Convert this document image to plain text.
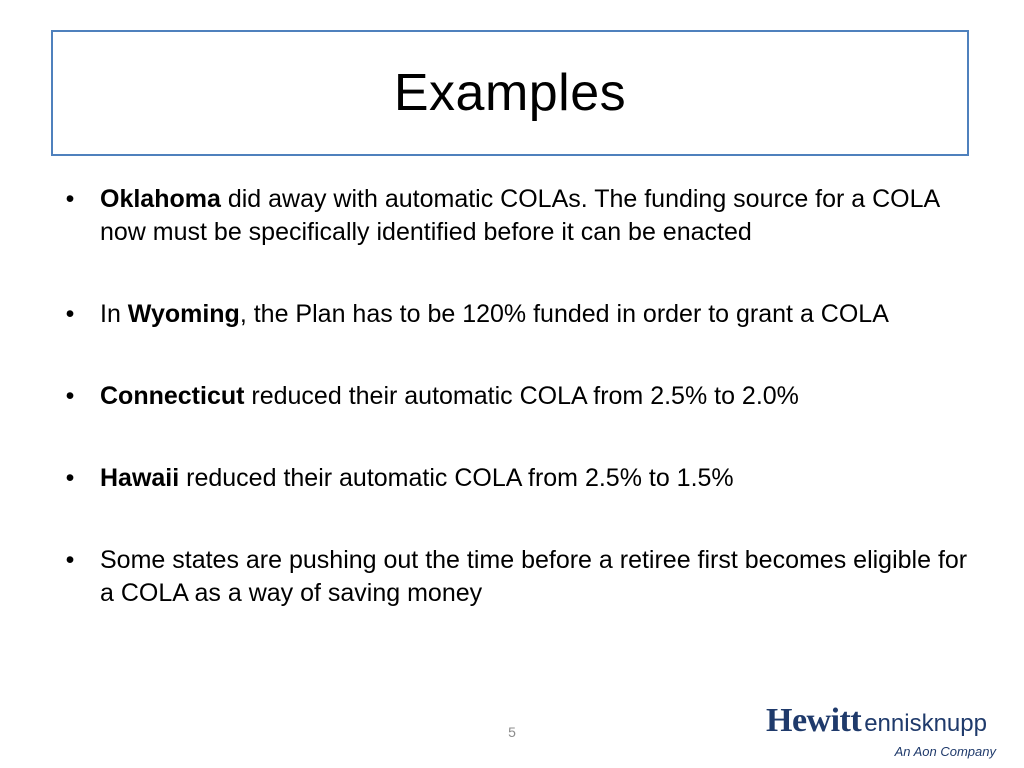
Examples
• Oklahoma did away with automatic COLAs. The funding source for a COLA now must be specifically identified before it can be enacted
• In Wyoming, the Plan has to be 120% funded in order to grant a COLA
• Connecticut reduced their automatic COLA from 2.5% to 2.0%
• Hawaii reduced their automatic COLA from 2.5% to 1.5%
• Some states are pushing out the time before a retiree first becomes eligible for a COLA as a way of saving money
5	Hewitt ennisknupp
An Aon Company
